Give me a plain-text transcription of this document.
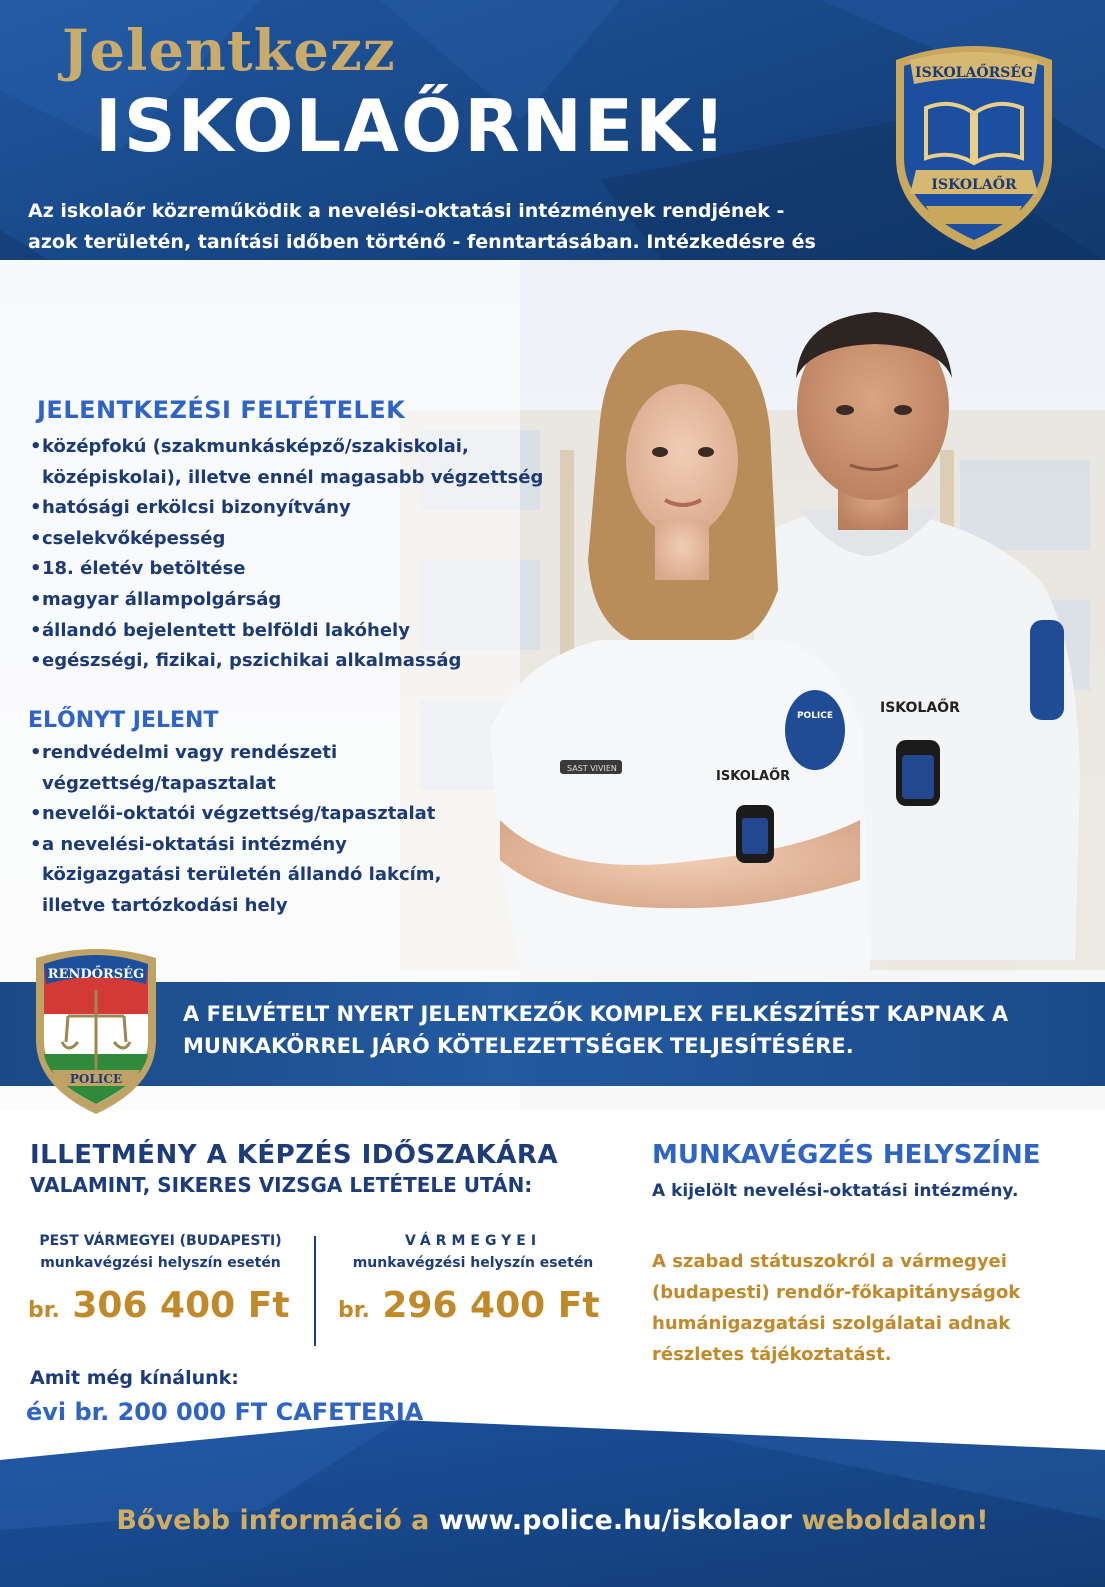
ISKOLAŐRSÉG
ISKOLAŐR
Jelentkezz
ISKOLAŐRNEK!
Az iskolaőr közreműködik a nevelési-oktatási intézmények rendjének - azok területén, tanítási időben történő - fenntartásában. Intézkedésre és
ISKOLAŐR
SAST VIVIEN
ISKOLAŐR
POLICE
JELENTKEZÉSI FELTÉTELEK
• középfokú (szakmunkásképző/szakiskolai, középiskolai), illetve ennél magasabb végzettség
• hatósági erkölcsi bizonyítvány
• cselekvőképesség
• 18. életév betöltése
• magyar állampolgárság
• állandó bejelentett belföldi lakóhely
• egészségi, fizikai, pszichikai alkalmasság
ELŐNYT JELENT
• rendvédelmi vagy rendészeti végzettség/tapasztalat
• nevelői-oktatói végzettség/tapasztalat
• a nevelési-oktatási intézmény közigazgatási területén állandó lakcím, illetve tartózkodási hely
A FELVÉTELT NYERT JELENTKEZŐK KOMPLEX FELKÉSZÍTÉST KAPNAK A
MUNKAKÖRREL JÁRÓ KÖTELEZETTSÉGEK TELJESÍTÉSÉRE.
RENDŐRSÉG
POLICE
ILLETMÉNY A KÉPZÉS IDŐSZAKÁRA
VALAMINT, SIKERES VIZSGA LETÉTELE UTÁN:
PEST VÁRMEGYEI (BUDAPESTI)
munkavégzési helyszín esetén
br. 306 400 Ft
VÁRMEGYEI
munkavégzési helyszín esetén
br. 296 400 Ft
Amit még kínálunk:
évi br. 200 000 FT CAFETERIA
MUNKAVÉGZÉS HELYSZÍNE
A kijelölt nevelési-oktatási intézmény.
A szabad státuszokról a vármegyei (budapesti) rendőr-főkapitányságok humánigazgatási szolgálatai adnak részletes tájékoztatást.
Bővebb információ a www.police.hu/iskolaor weboldalon!
